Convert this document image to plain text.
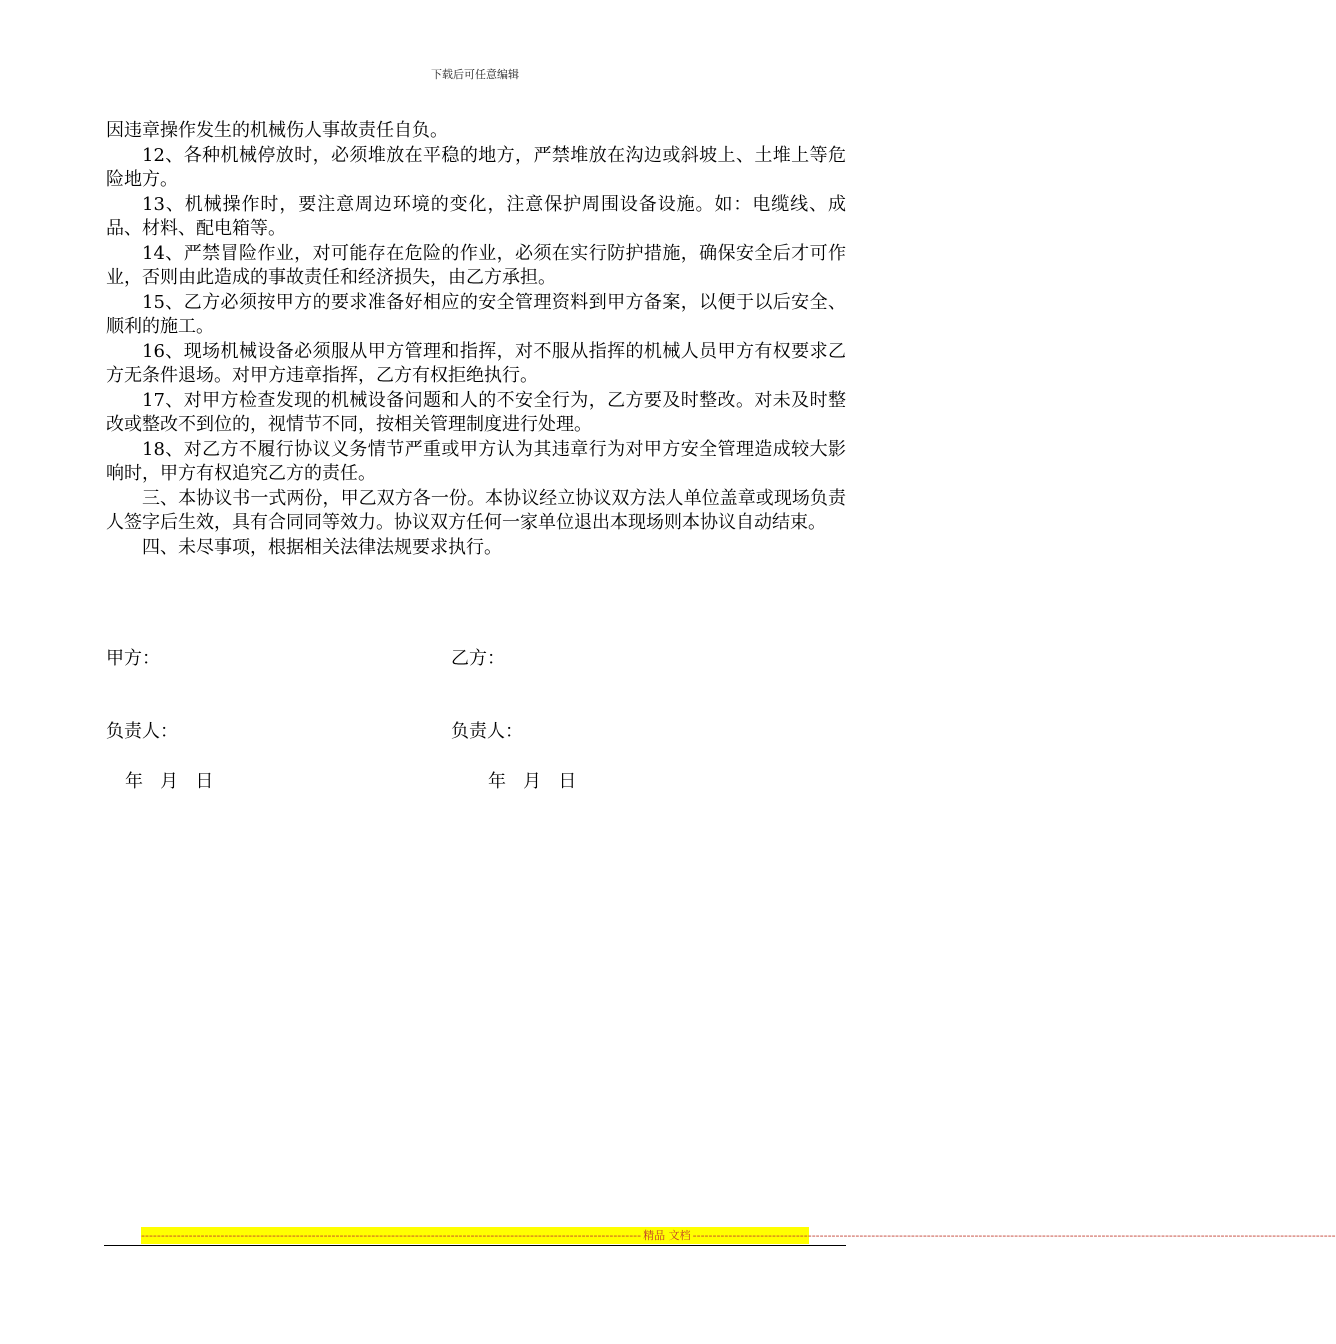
下载后可任意编辑

因违章操作发生的机械伤人事故责任自负。

12、各种机械停放时，必须堆放在平稳的地方，严禁堆放在沟边或斜坡上、土堆上等危险地方。

13、机械操作时，要注意周边环境的变化，注意保护周围设备设施。如：电缆线、成品、材料、配电箱等。

14、严禁冒险作业，对可能存在危险的作业，必须在实行防护措施，确保安全后才可作业，否则由此造成的事故责任和经济损失，由乙方承担。

15、乙方必须按甲方的要求准备好相应的安全管理资料到甲方备案，以便于以后安全、顺利的施工。

16、现场机械设备必须服从甲方管理和指挥，对不服从指挥的机械人员甲方有权要求乙方无条件退场。对甲方违章指挥，乙方有权拒绝执行。

17、对甲方检查发现的机械设备问题和人的不安全行为，乙方要及时整改。对未及时整改或整改不到位的，视情节不同，按相关管理制度进行处理。

18、对乙方不履行协议义务情节严重或甲方认为其违章行为对甲方安全管理造成较大影响时，甲方有权追究乙方的责任。

三、本协议书一式两份，甲乙双方各一份。本协议经立协议双方法人单位盖章或现场负责人签字后生效，具有合同同等效力。协议双方任何一家单位退出本现场则本协议自动结束。

四、未尽事项，根据相关法律法规要求执行。

甲方：	乙方：
负责人：	负责人：
年   月   日	年   月   日
------------------------------------------------------------------------------------------------------------------------------ 精品 文档 ------------------------------------------------------------------------------------------------------------------------------------------------------------------
